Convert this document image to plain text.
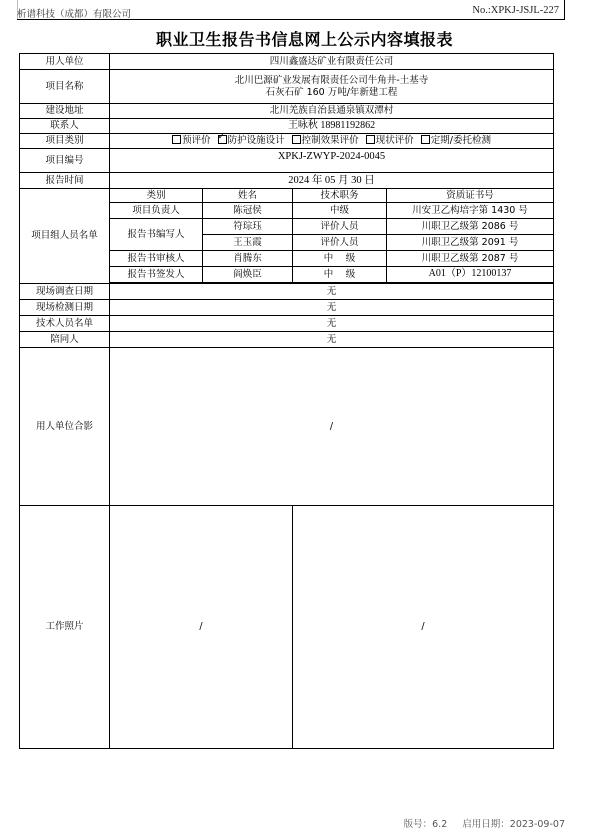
析谱科技（成都）有限公司	No.:XPKJ-JSJL-227
职业卫生报告书信息网上公示内容填报表
用人单位	四川鑫盛达矿业有限责任公司			
项目名称	北川巴源矿业发展有限责任公司牛角井-土基寺
石灰石矿 160 万吨/年新建工程			

建设地址	北川羌族自治县通泉镇双潭村			
联系人	王咏秋 18981192862			
项目类别	预评价 ✓ 防护设施设计 控制效果评价 现状评价 定期/委托检测
项目编号	XPKJ-ZWYP-2024-0045			
报告时间	2024 年 05 月 30 日			
项目组人员名单	类别	姓名	技术职务	资质证书号
	项目负责人	陈冠侯	中级	川安卫乙构培字第 1430 号
	报告书编写人	符琮珏	评价人员	川职卫乙级第 2086 号
		王玉霞	评价人员	川职卫乙级第 2091 号
	报告书审核人	肖腾东	中　 级	川职卫乙级第 2087 号
	报告书签发人	阎焕臣	中　 级	A01（P）12100137

现场调查日期	无			
现场检测日期	无			
技术人员名单	无			
陪同人	无			
用人单位合影	/			
工作照片	/ /			
版号：6.2 启用日期：2023-09-07
